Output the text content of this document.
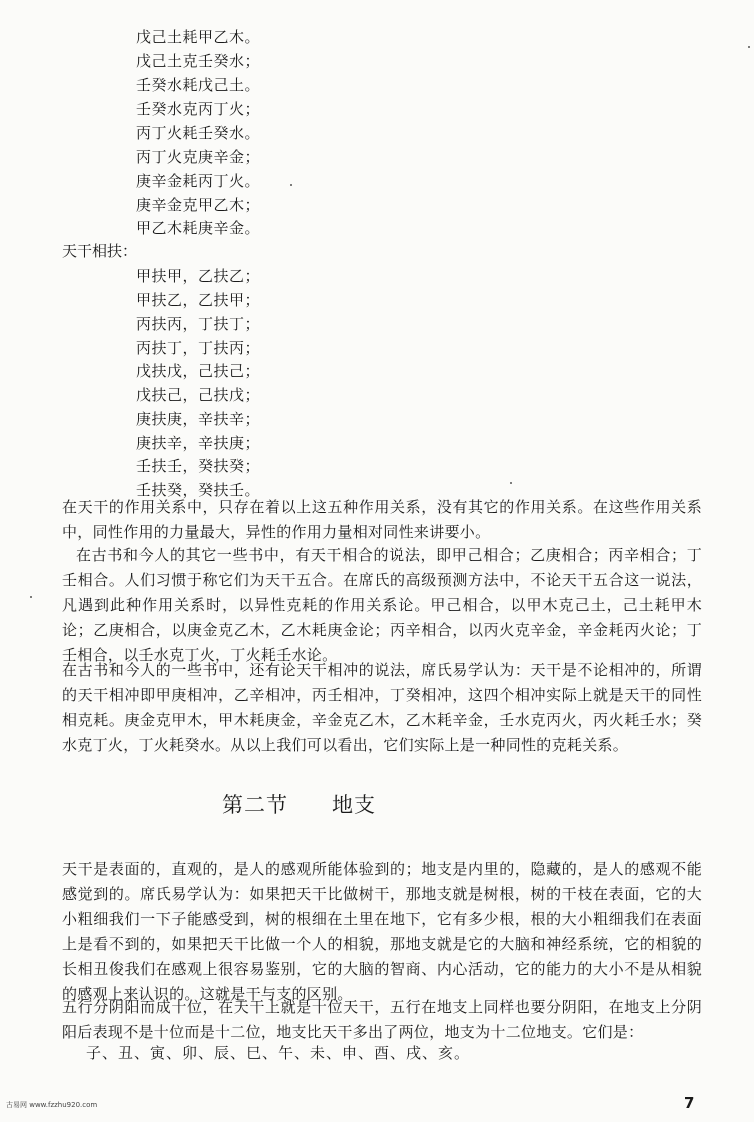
戊己土耗甲乙木。
戊己土克壬癸水；
壬癸水耗戊己土。
壬癸水克丙丁火；
丙丁火耗壬癸水。
丙丁火克庚辛金；
庚辛金耗丙丁火。
庚辛金克甲乙木；
甲乙木耗庚辛金。
天干相扶：
甲扶甲，乙扶乙；
甲扶乙，乙扶甲；
丙扶丙，丁扶丁；
丙扶丁，丁扶丙；
戊扶戊，己扶己；
戊扶己，己扶戊；
庚扶庚，辛扶辛；
庚扶辛，辛扶庚；
壬扶壬，癸扶癸；
壬扶癸，癸扶壬。
在天干的作用关系中，只存在着以上这五种作用关系，没有其它的作用关系。在这些作用关系中，同性作用的力量最大，异性的作用力量相对同性来讲要小。
在古书和今人的其它一些书中，有天干相合的说法，即甲己相合；乙庚相合；丙辛相合；丁壬相合。人们习惯于称它们为天干五合。在席氏的高级预测方法中，不论天干五合这一说法，凡遇到此种作用关系时，以异性克耗的作用关系论。甲己相合，以甲木克己土，己土耗甲木论；乙庚相合，以庚金克乙木，乙木耗庚金论；丙辛相合，以丙火克辛金，辛金耗丙火论；丁壬相合，以壬水克丁火，丁火耗壬水论。
在古书和今人的一些书中，还有论天干相冲的说法，席氏易学认为：天干是不论相冲的，所谓的天干相冲即甲庚相冲，乙辛相冲，丙壬相冲，丁癸相冲，这四个相冲实际上就是天干的同性相克耗。庚金克甲木，甲木耗庚金，辛金克乙木，乙木耗辛金，壬水克丙火，丙火耗壬水；癸水克丁火，丁火耗癸水。从以上我们可以看出，它们实际上是一种同性的克耗关系。
第二节　　地支
天干是表面的，直观的，是人的感观所能体验到的；地支是内里的，隐藏的，是人的感观不能感觉到的。席氏易学认为：如果把天干比做树干，那地支就是树根，树的干枝在表面，它的大小粗细我们一下子能感受到，树的根细在土里在地下，它有多少根，根的大小粗细我们在表面上是看不到的，如果把天干比做一个人的相貌，那地支就是它的大脑和神经系统，它的相貌的长相丑俊我们在感观上很容易鉴别，它的大脑的智商、内心活动，它的能力的大小不是从相貌的感观上来认识的。这就是干与支的区别。
五行分阴阳而成十位，在天干上就是十位天干，五行在地支上同样也要分阴阳，在地支上分阴阳后表现不是十位而是十二位，地支比天干多出了两位，地支为十二位地支。它们是：
子、丑、寅、卯、辰、巳、午、未、申、酉、戌、亥。
古易网 www.fzzhu920.com	7
